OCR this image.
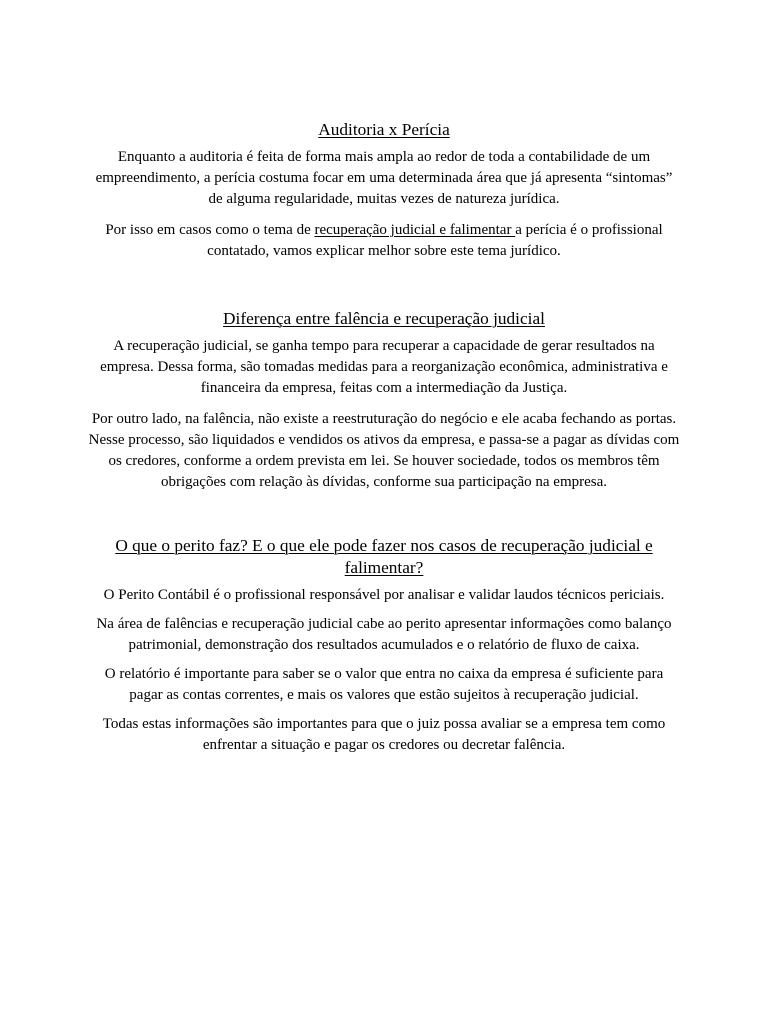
Auditoria x Perícia

Enquanto a auditoria é feita de forma mais ampla ao redor de toda a contabilidade de um empreendimento, a perícia costuma focar em uma determinada área que já apresenta “sintomas” de alguma regularidade, muitas vezes de natureza jurídica.

Por isso em casos como o tema de recuperação judicial e falimentar a perícia é o profissional contatado, vamos explicar melhor sobre este tema jurídico.

Diferença entre falência e recuperação judicial

A recuperação judicial, se ganha tempo para recuperar a capacidade de gerar resultados na empresa. Dessa forma, são tomadas medidas para a reorganização econômica, administrativa e financeira da empresa, feitas com a intermediação da Justiça.

Por outro lado, na falência, não existe a reestruturação do negócio e ele acaba fechando as portas. Nesse processo, são liquidados e vendidos os ativos da empresa, e passa-se a pagar as dívidas com os credores, conforme a ordem prevista em lei. Se houver sociedade, todos os membros têm obrigações com relação às dívidas, conforme sua participação na empresa.

O que o perito faz? E o que ele pode fazer nos casos de recuperação judicial e falimentar?

O Perito Contábil é o profissional responsável por analisar e validar laudos técnicos periciais.

Na área de falências e recuperação judicial cabe ao perito apresentar informações como balanço patrimonial, demonstração dos resultados acumulados e o relatório de fluxo de caixa.

O relatório é importante para saber se o valor que entra no caixa da empresa é suficiente para pagar as contas correntes, e mais os valores que estão sujeitos à recuperação judicial.

Todas estas informações são importantes para que o juiz possa avaliar se a empresa tem como enfrentar a situação e pagar os credores ou decretar falência.
